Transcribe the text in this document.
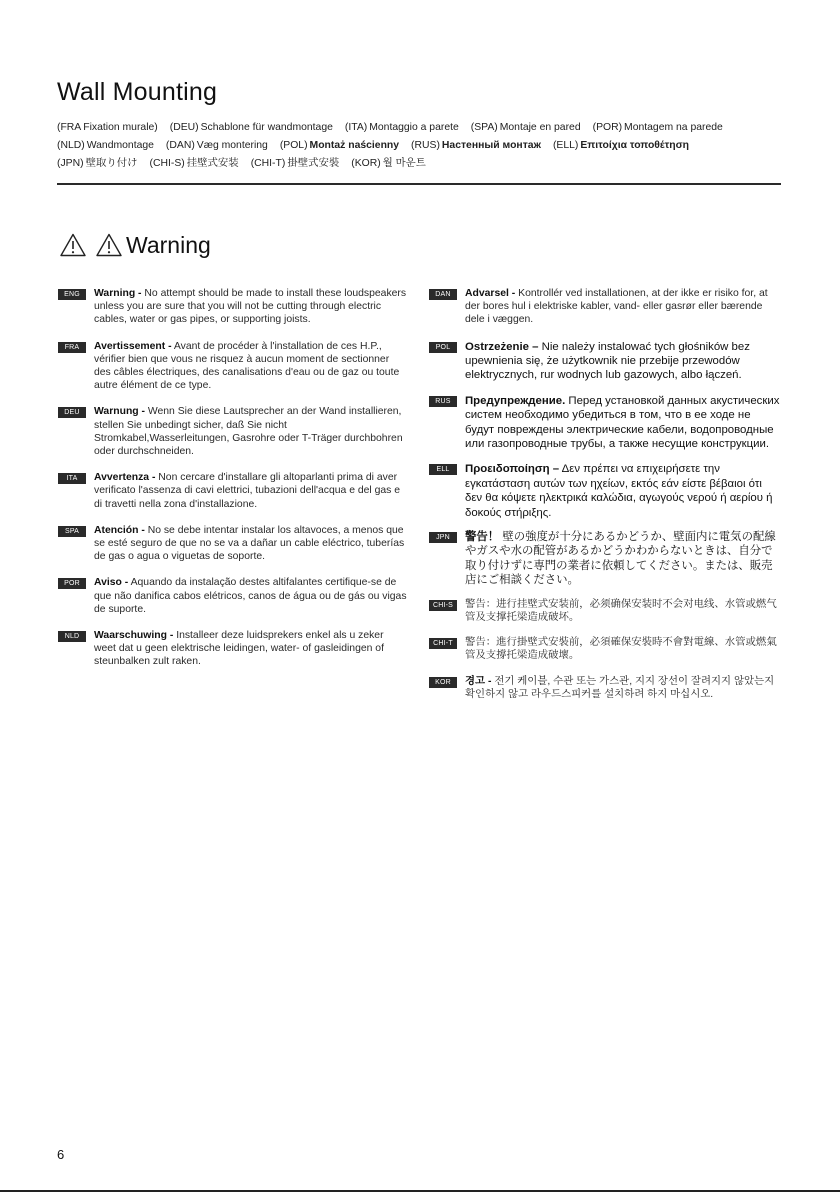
Wall Mounting
(FRA Fixation murale) (DEU) Schablone für wandmontage (ITA) Montaggio a parete (SPA) Montaje en pared (POR) Montagem na parede
(NLD) Wandmontage (DAN) Væg montering (POL) Montaż naścienny (RUS) Настенный монтаж (ELL) Επιτοίχια τοποθέτηση
(JPN) 壁取り付け (CHI-S) 挂壁式安装 (CHI-T) 掛壁式安裝 (KOR) 월 마운트
Warning
ENG	Warning - No attempt should be made to install these loudspeakers unless you are sure that you will not be cutting through electric cables, water or gas pipes, or supporting joists.
FRA	Avertissement - Avant de procéder à l'installation de ces H.P., vérifier bien que vous ne risquez à aucun moment de sectionner des câbles électriques, des canalisations d'eau ou de gaz ou toute autre élément de ce type.
DEU	Warnung - Wenn Sie diese Lautsprecher an der Wand installieren, stellen Sie unbedingt sicher, daß Sie nicht Stromkabel,Wasserleitungen, Gasrohre oder T-Träger durchbohren oder durchschneiden.
ITA	Avvertenza - Non cercare d'installare gli altoparlanti prima di aver verificato l'assenza di cavi elettrici, tubazioni dell'acqua e del gas e di travetti nella zona d'installazione.
SPA	Atención - No se debe intentar instalar los altavoces, a menos que se esté seguro de que no se va a dañar un cable eléctrico, tuberías de gas o agua o viguetas de soporte.
POR	Aviso - Aquando da instalação destes altifalantes certifique-se de que não danifica cabos elétricos, canos de água ou de gás ou vigas de suporte.
NLD	Waarschuwing - Installeer deze luidsprekers enkel als u zeker weet dat u geen elektrische leidingen, water- of gasleidingen of steunbalken zult raken.
DAN	Advarsel - Kontrollér ved installationen, at der ikke er risiko for, at der bores hul i elektriske kabler, vand- eller gasrør eller bærende dele i væggen.
POL	Ostrzeżenie – Nie należy instalować tych głośników bez upewnienia się, że użytkownik nie przebije przewodów elektrycznych, rur wodnych lub gazowych, albo łączeń.
RUS	Предупреждение. Перед установкой данных акустических систем необходимо убедиться в том, что в ее ходе не будут повреждены электрические кабели, водопроводные или газопроводные трубы, а также несущие конструкции.
ELL	Προειδοποίηση – Δεν πρέπει να επιχειρήσετε την εγκατάσταση αυτών των ηχείων, εκτός εάν είστε βέβαιοι ότι δεν θα κόψετε ηλεκτρικά καλώδια, αγωγούς νερού ή αερίου ή δοκούς στήριξης.
JPN	警告！ 壁の強度が十分にあるかどうか、壁面内に電気の配線やガスや水の配管があるかどうかわからないときは、自分で取り付けずに専門の業者に依頼してください。または、販売店にご相談ください。
CHI-S	警告：进行挂壁式安装前，必须确保安装时不会对电线、水管或燃气管及支撑托梁造成破坏。
CHI-T	警告：進行掛壁式安裝前，必須確保安裝時不會對電線、水管或燃氣管及支撐托梁造成破壞。
KOR	경고 - 전기 케이블, 수관 또는 가스관, 지지 장선이 잘려지지 않았는지 확인하지 않고 라우드스피커를 설치하려 하지 마십시오.
6
